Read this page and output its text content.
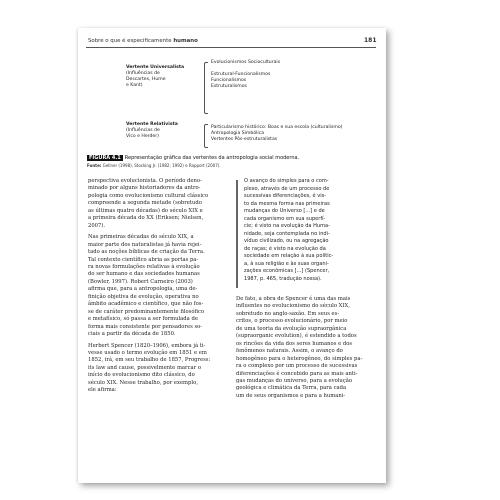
Sobre o que é especificamente humano	181
Vertente Universalista
(Influências de
Descartes, Hume
e Kant)
Evolucionismos Socioculturais
Estrutural-Funcionalismos
Funcionalismos
Estruturalismos
Vertente Relativista
(Influências de
Vico e Herder)
Particularismo histórico: Boas e sua escola (culturalismo)
Antropologia Simbólica
Vertentes Pós-estruturalistas
FIGURA 4.1 Representação gráfica das vertentes da antropologia social moderna.
Fonte: Gellner (1998), Stocking Jr. (1982; 1992) e Rapport (2007).
perspectiva evolucionista. O período deno-
minado por alguns historiadores da antro-
pologia como evolucionismo cultural clássico
compreende a segunda metade (sobretudo
as últimas quatro décadas) do século XIX e
a primeira década do XX (Eriksen; Nielsen,
2007).
Nas primeiras décadas do século XIX, a
maior parte dos naturalistas já havia rejei-
tado as noções bíblicas de criação da Terra.
Tal contexto científico abria as portas pa-
ra novas formulações relativas à evolução
do ser humano e das sociedades humanas
(Bowler, 1997). Robert Carneiro (2003)
afirma que, para a antropologia, uma de-
finição objetiva de evolução, operativa no
âmbito acadêmico e científico, que não fos-
se de caráter predominantemente filosófico
e metafísico, só passa a ser formulada de
forma mais consistente por pensadores so-
ciais a partir da década de 1850.
Herbert Spencer (1820–1906), embora já ti-
vesse usado o termo evolução em 1851 e em
1852, irá, em seu trabalho de 1857, Progress:
its law and cause, possivelmente marcar o
início do evolucionismo dito clássico, do
século XIX. Nesse trabalho, por exemplo,
ele afirma:
O avanço do simples para o com-
plexo, através de um processo de
sucessivas diferenciações, é vis-
to da mesma forma nas primeiras
mudanças do Universo [...] e de
cada organismo em sua superfí-
cie; é visto na evolução da Huma-
nidade, seja contemplada no indi-
víduo civilizado, ou na agregação
de raças; é visto na evolução da
sociedade em relação à sua polític-
a, à sua religião e às suas organi-
zações econômicas [...] (Spencer,
1987, p. 465, tradução nossa).
De fato, a obra de Spencer é uma das mais
influentes no evolucionismo do século XIX,
sobretudo no anglo-saxão. Em seus es-
critos, o processo evolucionário, por meio
de uma teoria da evolução supraorgânica
(supraorganic evolution), é estendido a todos
os rincões da vida dos seres humanos e dos
fenômenos naturais. Assim, o avanço do
homogêneo para o heterogêneo, do simples pa-
ra o complexo por um processo de sucessivas
diferenciações é concebido para as mais anti-
gas mudanças do universo, para a evolução
geológica e climática da Terra, para cada
um de seus organismos e para a humani-
